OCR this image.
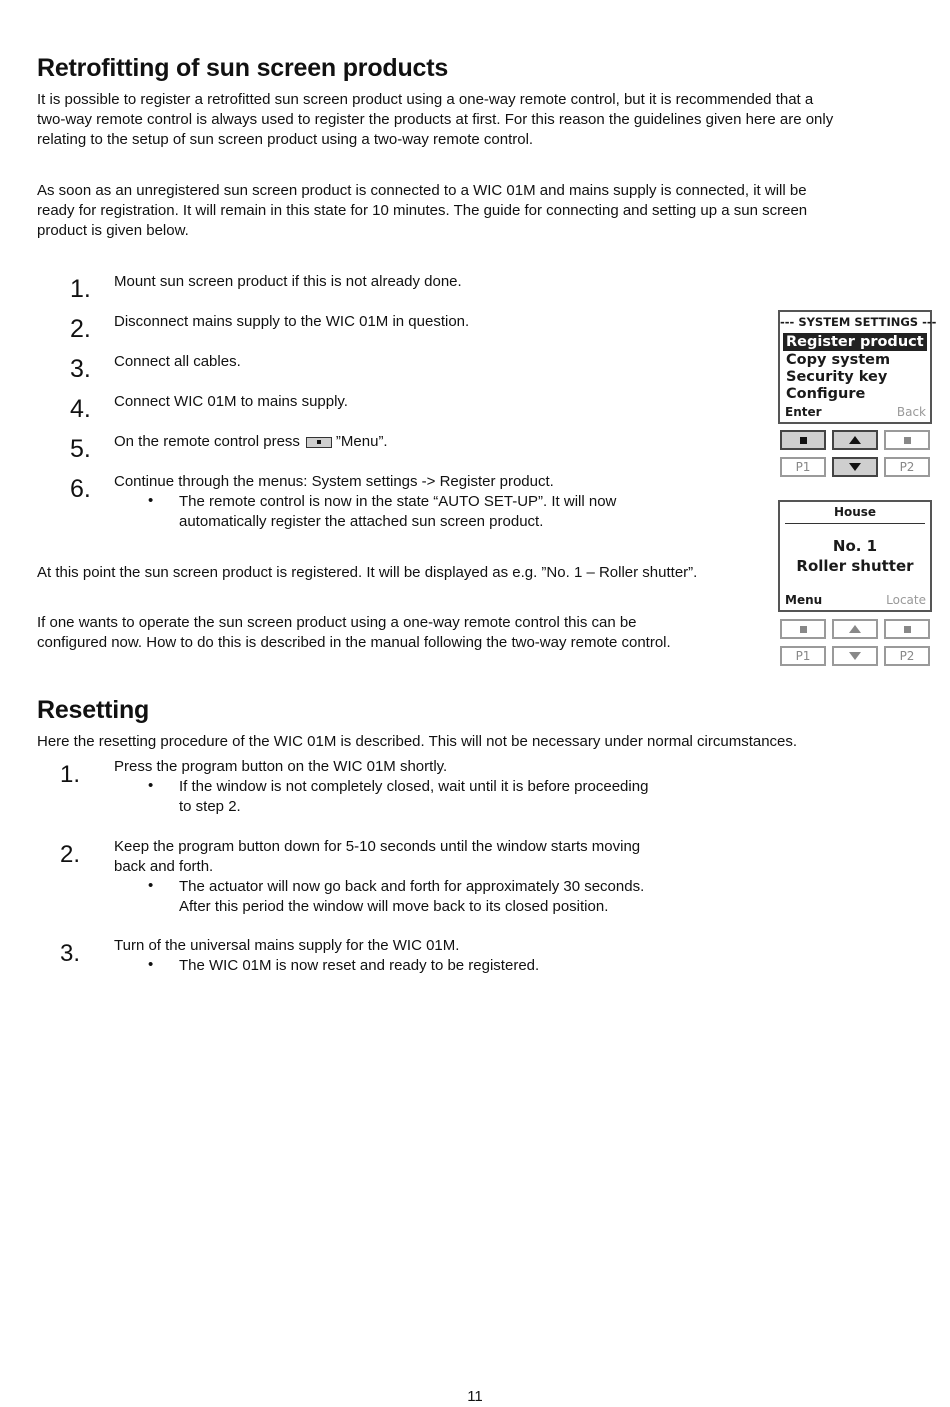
Retrofitting of sun screen products
It is possible to register a retrofitted sun screen product using a one-way remote control, but it is recommended that a
two-way remote control is always used to register the products at first. For this reason the guidelines given here are only
relating to the setup of sun screen product using a two-way remote control.
As soon as an unregistered sun screen product is connected to a WIC 01M and mains supply is connected, it will be
ready for registration. It will remain in this state for 10 minutes. The guide for connecting and setting up a sun screen
product is given below.
1. Mount sun screen product if this is not already done.
2. Disconnect mains supply to the WIC 01M in question.
3. Connect all cables.
4. Connect WIC 01M to mains supply.
5. On the remote control press ”Menu”.
6. Continue through the menus: System settings -> Register product.
• The remote control is now in the state “AUTO SET-UP”. It will now
automatically register the attached sun screen product.
At this point the sun screen product is registered. It will be displayed as e.g. ”No. 1 – Roller shutter”.
If one wants to operate the sun screen product using a one-way remote control this can be
configured now. How to do this is described in the manual following the two-way remote control.
--- SYSTEM SETTINGS ---
Register product
Copy system
Security key
Configure
Enter	Back
P1	P2
House
No. 1
Roller shutter
Menu	Locate
P1	P2
Resetting
Here the resetting procedure of the WIC 01M is described. This will not be necessary under normal circumstances.
1. Press the program button on the WIC 01M shortly.
• If the window is not completely closed, wait until it is before proceeding
to step 2.
2. Keep the program button down for 5-10 seconds until the window starts moving
back and forth.
• The actuator will now go back and forth for approximately 30 seconds.
After this period the window will move back to its closed position.
3. Turn of the universal mains supply for the WIC 01M.
• The WIC 01M is now reset and ready to be registered.
11
